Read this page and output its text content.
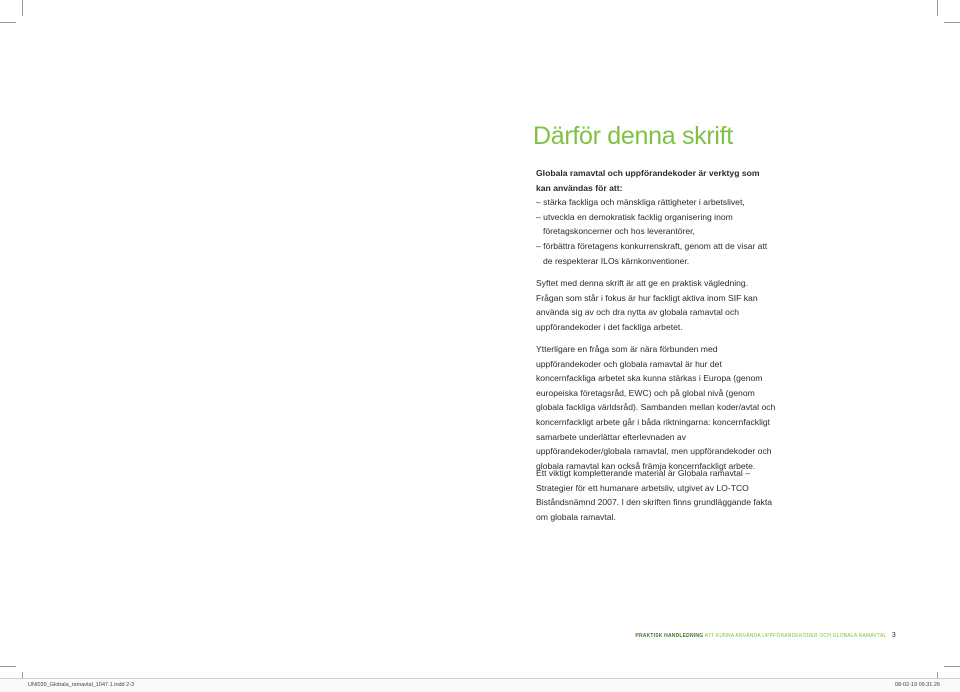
Därför denna skrift

Globala ramavtal och uppförandekoder är verktyg som kan användas för att:

– stärka fackliga och mänskliga rättigheter i arbetslivet,
– utveckla en demokratisk facklig organisering inom företagskoncerner och hos leverantörer,
– förbättra företagens konkurrenskraft, genom att de visar att de respekterar ILOs kärnkonventioner.

Syftet med denna skrift är att ge en praktisk vägledning. Frågan som står i fokus är hur fackligt aktiva inom SIF kan använda sig av och dra nytta av globala ramavtal och uppförandekoder i det fackliga arbetet.

Ytterligare en fråga som är nära förbunden med uppförandekoder och globala ramavtal är hur det koncernfackliga arbetet ska kunna stärkas i Europa (genom europeiska företagsråd, EWC) och på global nivå (genom globala fackliga världsråd). Sambanden mellan koder/avtal och koncernfackligt arbete går i båda riktningarna: koncernfackligt samarbete underlättar efterlevnaden av uppförandekoder/globala ramavtal, men uppförandekoder och globala ramavtal kan också främja koncernfackligt arbete.

Ett viktigt kompletterande material är Globala ramavtal – Strategier för ett humanare arbetsliv, utgivet av LO-TCO Biståndsnämnd 2007. I den skriften finns grundläggande fakta om globala ramavtal.

PRAKTISK HANDLEDNING ATT KUNNA ANVÄNDA UPPFÖRANDEKODER OCH GLOBALA RAMAVTAL 3
UNI039_Globala_ramavtal_1047.1.indd 2-3	08-02-19 09.31.26
